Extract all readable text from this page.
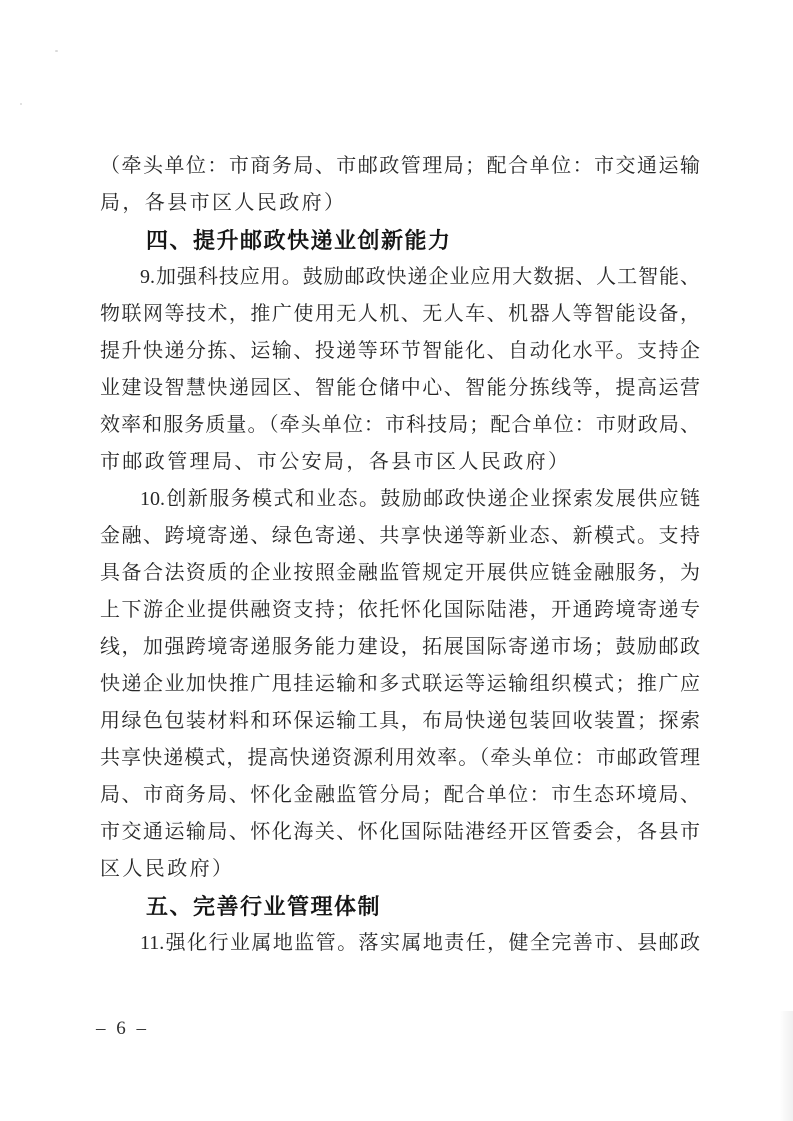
（牵头单位：市商务局、市邮政管理局；配合单位：市交通运输
局，各县市区人民政府）
四、提升邮政快递业创新能力
9.加强科技应用。鼓励邮政快递企业应用大数据、人工智能、
物联网等技术，推广使用无人机、无人车、机器人等智能设备，
提升快递分拣、运输、投递等环节智能化、自动化水平。支持企
业建设智慧快递园区、智能仓储中心、智能分拣线等，提高运营
效率和服务质量。（牵头单位：市科技局；配合单位：市财政局、
市邮政管理局、市公安局，各县市区人民政府）
10.创新服务模式和业态。鼓励邮政快递企业探索发展供应链
金融、跨境寄递、绿色寄递、共享快递等新业态、新模式。支持
具备合法资质的企业按照金融监管规定开展供应链金融服务，为
上下游企业提供融资支持；依托怀化国际陆港，开通跨境寄递专
线，加强跨境寄递服务能力建设，拓展国际寄递市场；鼓励邮政
快递企业加快推广甩挂运输和多式联运等运输组织模式；推广应
用绿色包装材料和环保运输工具，布局快递包装回收装置；探索
共享快递模式，提高快递资源利用效率。（牵头单位：市邮政管理
局、市商务局、怀化金融监管分局；配合单位：市生态环境局、
市交通运输局、怀化海关、怀化国际陆港经开区管委会，各县市
区人民政府）
五、完善行业管理体制
11.强化行业属地监管。落实属地责任，健全完善市、县邮政
– 6 –
